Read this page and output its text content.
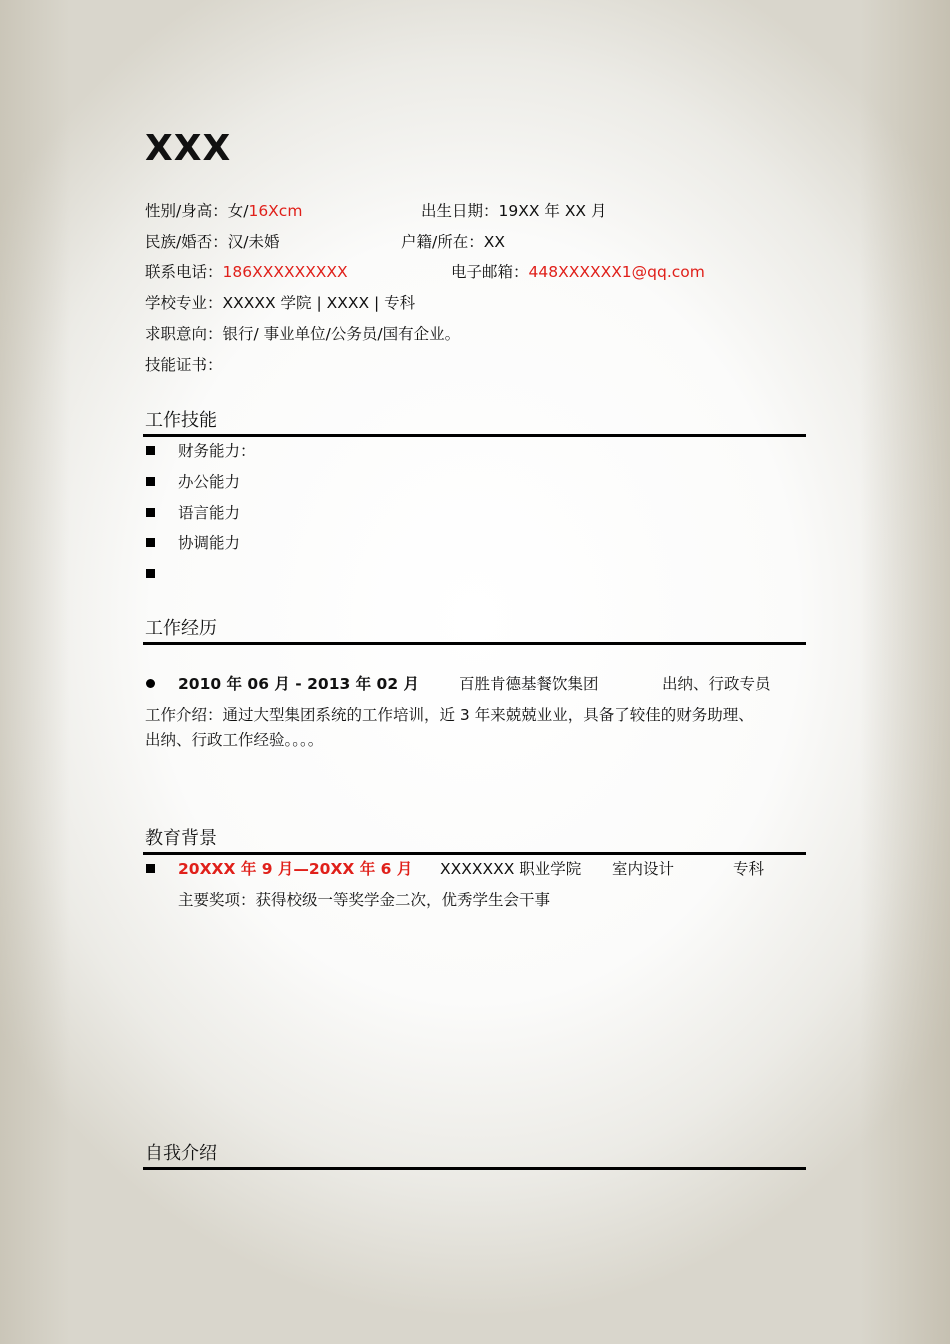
XXX
性别/身高：女/16Xcm	出生日期：19XX 年 XX 月
民族/婚否：汉/未婚	户籍/所在：XX
联系电话：186XXXXXXXXX	电子邮箱：448XXXXXX1@qq.com
学校专业：XXXXX 学院 | XXXX | 专科
求职意向：银行/ 事业单位/公务员/国有企业。
技能证书：
工作技能
财务能力：
办公能力
语言能力
协调能力
工作经历
2010 年 06 月 - 2013 年 02 月	百胜肯德基餐饮集团	出纳、行政专员
工作介绍：通过大型集团系统的工作培训，近 3 年来兢兢业业，具备了较佳的财务助理、
出纳、行政工作经验。。。。
教育背景
20XXX 年 9 月—20XX 年 6 月 XXXXXXX 职业学院 室内设计	专科
主要奖项：获得校级一等奖学金二次，优秀学生会干事
自我介绍
